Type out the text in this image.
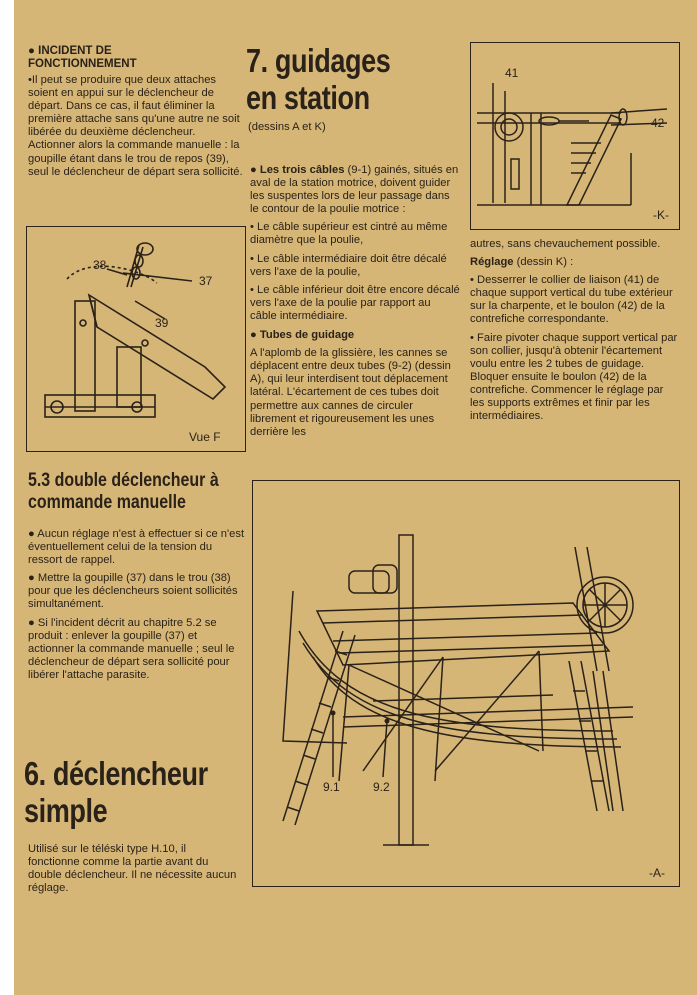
● INCIDENT DE
FONCTIONNEMENT
•Il peut se produire que deux attaches soient en appui sur le déclencheur de départ. Dans ce cas, il faut éliminer la première attache sans qu'une autre ne soit libérée du deuxième déclencheur. Actionner alors la commande manuelle : la goupille étant dans le trou de repos (39), seul le déclencheur de départ sera sollicité.
38
37
39
Vue F
5.3 double déclencheur à
commande manuelle

● Aucun réglage n'est à effectuer si ce n'est éventuellement celui de la tension du ressort de rappel.

● Mettre la goupille (37) dans le trou (38) pour que les déclencheurs soient sollicités simultanément.

● Si l'incident décrit au chapitre 5.2 se produit : enlever la goupille (37) et actionner la commande manuelle ; seul le déclencheur de départ sera sollicité pour libérer l'attache parasite.

6. déclencheur
simple
Utilisé sur le téléski type H.10, il fonctionne comme la partie avant du double déclencheur. Il ne nécessite aucun réglage.
7. guidages
en station
(dessins A et K)

● Les trois câbles (9-1) gainés, situés en aval de la station motrice, doivent guider les suspentes lors de leur passage dans le contour de la poulie motrice :

• Le câble supérieur est cintré au même diamètre que la poulie,

• Le câble intermédiaire doit être décalé vers l'axe de la poulie,

• Le câble inférieur doit être encore décalé vers l'axe de la poulie par rapport au câble intermédiaire.

● Tubes de guidage

A l'aplomb de la glissière, les cannes se déplacent entre deux tubes (9-2) (dessin A), qui leur interdisent tout déplacement latéral. L'écartement de ces tubes doit permettre aux cannes de circuler librement et rigoureusement les unes derrière les

41
42
-K-

autres, sans chevauchement possible.

Réglage (dessin K) :

• Desserrer le collier de liaison (41) de chaque support vertical du tube extérieur sur la charpente, et le boulon (42) de la contrefiche correspondante.

• Faire pivoter chaque support vertical par son collier, jusqu'à obtenir l'écartement voulu entre les 2 tubes de guidage. Bloquer ensuite le boulon (42) de la contrefiche. Commencer le réglage par les supports extrêmes et finir par les intermédiaires.

9.1	9.2
-A-
